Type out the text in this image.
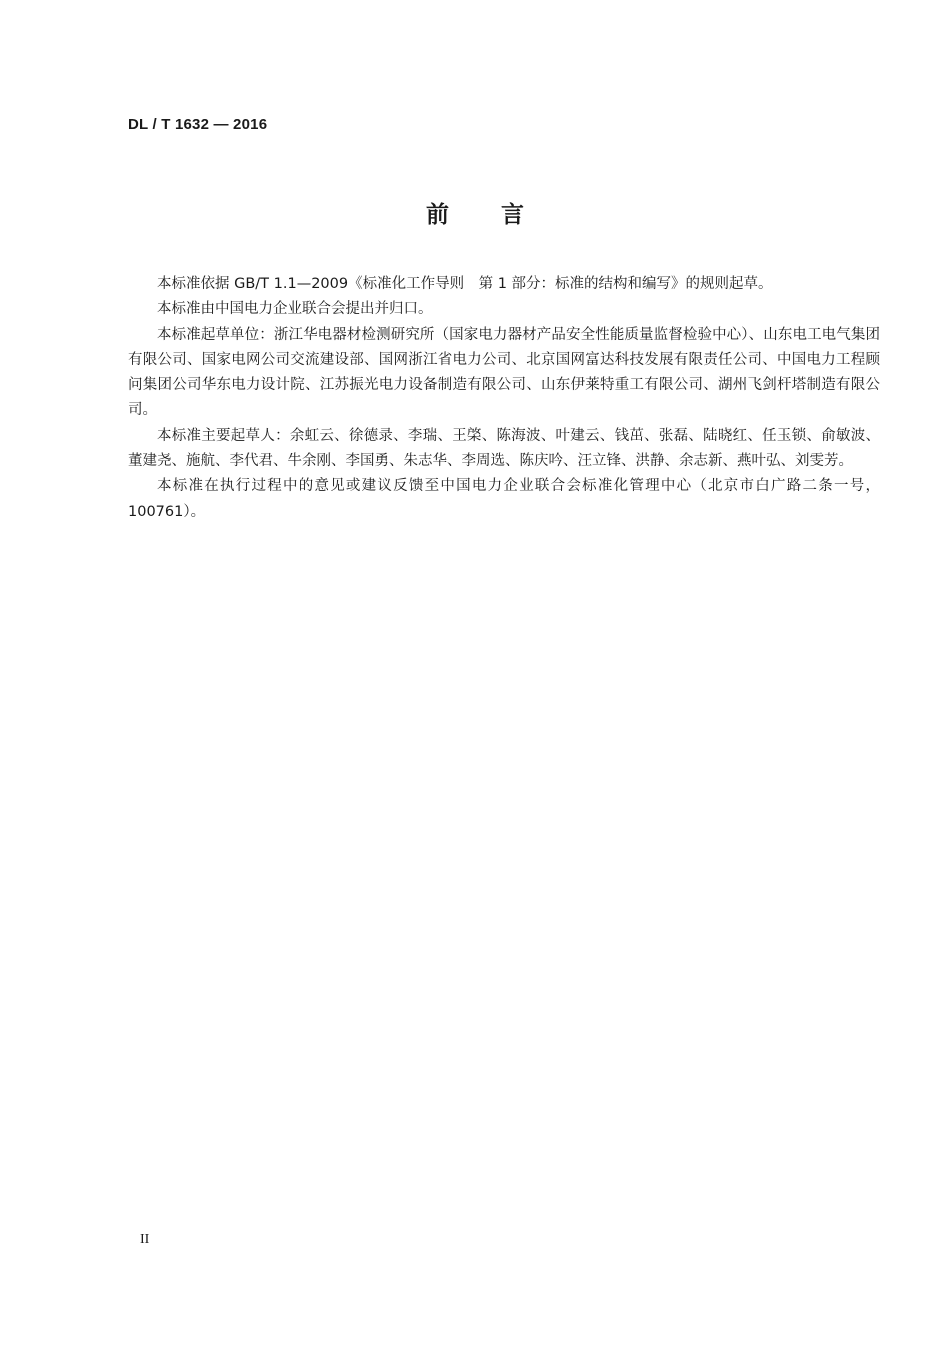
DL / T 1632 — 2016
前 言

本标准依据 GB/T 1.1—2009《标准化工作导则　第 1 部分：标准的结构和编写》的规则起草。

本标准由中国电力企业联合会提出并归口。

本标准起草单位：浙江华电器材检测研究所（国家电力器材产品安全性能质量监督检验中心）、山东电工电气集团有限公司、国家电网公司交流建设部、国网浙江省电力公司、北京国网富达科技发展有限责任公司、中国电力工程顾问集团公司华东电力设计院、江苏振光电力设备制造有限公司、山东伊莱特重工有限公司、湖州飞剑杆塔制造有限公司。

本标准主要起草人：余虹云、徐德录、李瑞、王棨、陈海波、叶建云、钱茁、张磊、陆晓红、任玉锁、俞敏波、董建尧、施航、李代君、牛余刚、李国勇、朱志华、李周选、陈庆吟、汪立锋、洪静、余志新、燕叶弘、刘雯芳。

本标准在执行过程中的意见或建议反馈至中国电力企业联合会标准化管理中心（北京市白广路二条一号，100761）。

II
